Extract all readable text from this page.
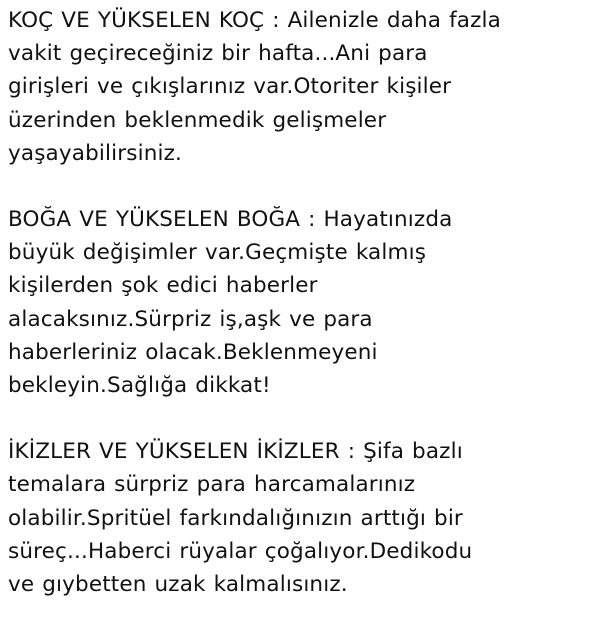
KOÇ VE YÜKSELEN KOÇ : Ailenizle daha fazla
vakit geçireceğiniz bir hafta...Ani para
girişleri ve çıkışlarınız var.Otoriter kişiler
üzerinden beklenmedik gelişmeler
yaşayabilirsiniz.

BOĞA VE YÜKSELEN BOĞA : Hayatınızda
büyük değişimler var.Geçmişte kalmış
kişilerden şok edici haberler
alacaksınız.Sürpriz iş,aşk ve para
haberleriniz olacak.Beklenmeyeni
bekleyin.Sağlığa dikkat!

İKİZLER VE YÜKSELEN İKİZLER : Şifa bazlı
temalara sürpriz para harcamalarınız
olabilir.Spritüel farkındalığınızın arttığı bir
süreç...Haberci rüyalar çoğalıyor.Dedikodu
ve gıybetten uzak kalmalısınız.
